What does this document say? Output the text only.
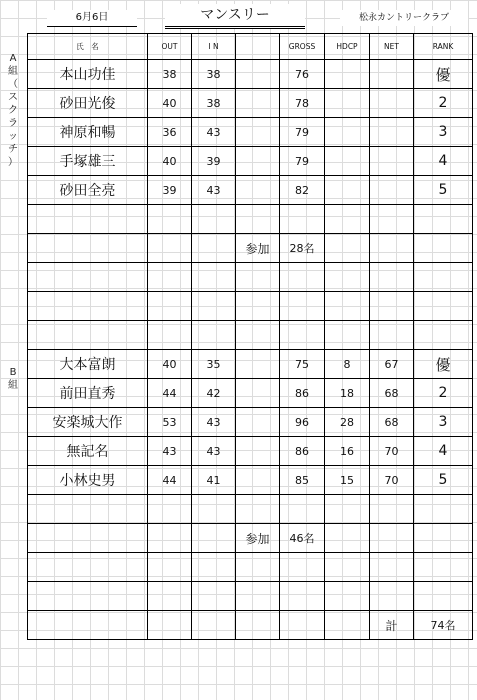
6月6日	マンスリー	松永カントリークラブ
A
組
（
ス
ク
ラ
ッ
チ
）
B
組
氏　名	OUT	I N		GROSS	HDCP	NET	RANK
本山功佳	38	38		76			優
砂田光俊	40	38		78			2
神原和暢	36	43		79			3
手塚雄三	40	39		79			4
砂田全亮	39	43		82			5

			参加	28名			

大本富朗	40	35		75	8	67	優
前田直秀	44	42		86	18	68	2
安楽城大作	53	43		96	28	68	3
無記名	43	43		86	16	70	4
小林史男	44	41		85	15	70	5

			参加	46名			

						計	74名
